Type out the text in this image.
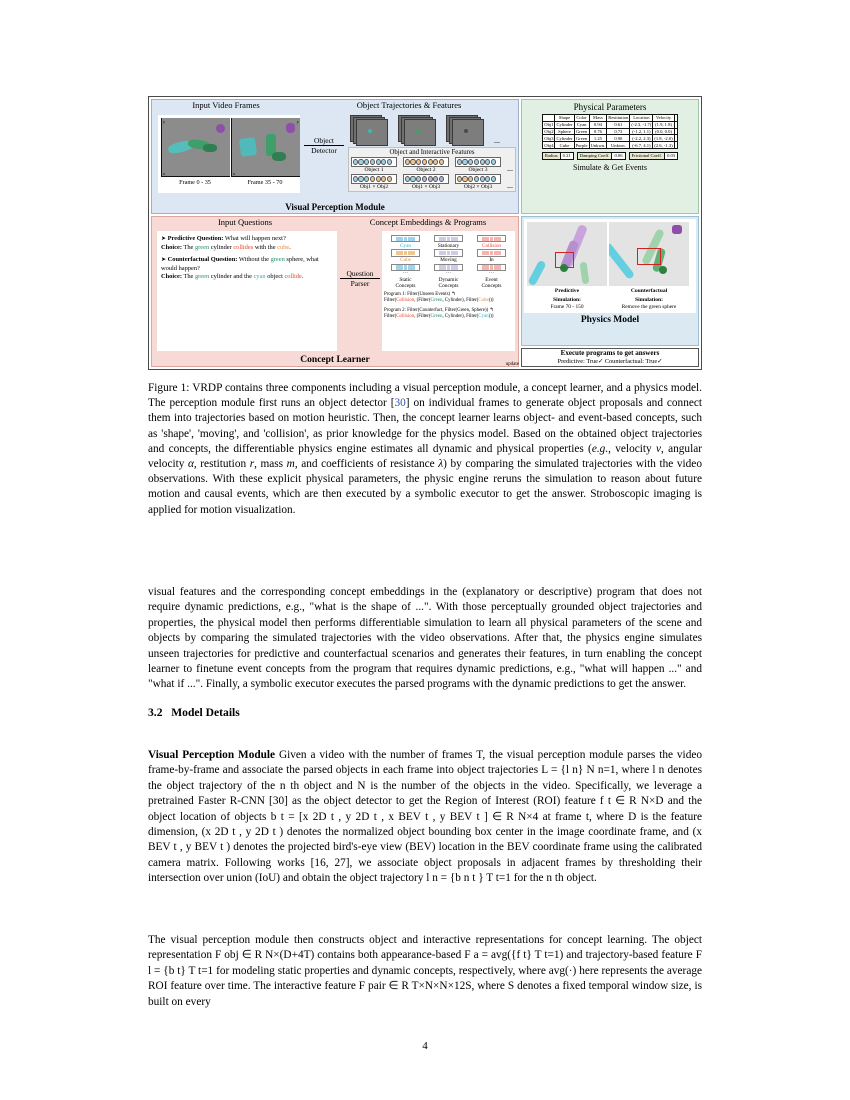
Input Video Frames	Object Trajectories & Features
y
x
Frame 0 - 35
y
x
Frame 35 - 70
Object
Detector
...
Object and Interactive Features
Object 1	Object 2	Object 3	...
Obj1 × Obj2	Obj1 × Obj3	Obj2 × Obj3	...
Visual Perception Module
Physical Parameters
	Shape	Color	Mass	Restitution	Location	Velocity	
Obj1	Cylinder	Cyan	0.94	0.61	(-2.3, -1.7)	(1.9, 1.8)	
Obj2	Sphere	Green	0.76	0.73	(-1.2, 1.1)	(0.0, 0.0)	
Obj3	Cylinder	Green	1.25	0.90	(-2.2, 2.3)	(1.8, -2.0)	
Obj4	Cube	Purple	Unkwn.	Unkwn.	(-6.7, 4.1)	(2.6, -1.3)	
Radius	0.21	Damping Coeff.	0.06	Frictional Coeff.	0.03
Simulate & Get Events
Input Questions	Concept Embeddings & Programs
➤ Predictive Question: What will happen next?
Choice: The green cylinder collides with the cube.
➤ Counterfactual Question: Without the green sphere, what would happen?
Choice: The green cylinder and the cyan object collide.	Question
Parser
Cyan
Cube
···
Static
Concepts
Stationary
Moving
···
Dynamic
Concepts
Collision
In
···
Event
Concepts
Program 1: Filter(Unseen Events) ↰
Filter(Collision, (Filter(Green, Cylinder), Filter(Cube)))
Program 2: Filter(Counterfact, Filter(Green, Sphere)) ↰
Filter(Collision, (Filter(Green, Cylinder), Filter(Cyan)))
Concept Learner
Predictive
Simulation:
Frame 70 - 150
Counterfactual
Simulation:
Remove the green sphere
Physics Model
Execute programs to get answers
Predictive: True✓ Counterfactual: True✓
update
Figure 1: VRDP contains three components including a visual perception module, a concept learner, and a physics model. The perception module first runs an object detector [30] on individual frames to generate object proposals and connect them into trajectories based on motion heuristic. Then, the concept learner learns object- and event-based concepts, such as 'shape', 'moving', and 'collision', as prior knowledge for the physics model. Based on the obtained object trajectories and concepts, the differentiable physics engine estimates all dynamic and physical properties (e.g., velocity v, angular velocity α, restitution r, mass m, and coefficients of resistance λ) by comparing the simulated trajectories with the video observations. With these explicit physical parameters, the physic engine reruns the simulation to reason about future motion and causal events, which are then executed by a symbolic executor to get the answer. Stroboscopic imaging is applied for motion visualization.
visual features and the corresponding concept embeddings in the (explanatory or descriptive) program that does not require dynamic predictions, e.g., "what is the shape of ...". With those perceptually grounded object trajectories and properties, the physical model then performs differentiable simulation to learn all physical parameters of the scene and objects by comparing the simulated trajectories with the video observations. After that, the physics engine simulates unseen trajectories for predictive and counterfactual scenarios and generates their features, in turn enabling the concept learner to finetune event concepts from the program that requires dynamic predictions, e.g., "what will happen ..." and "what if ...". Finally, a symbolic executor executes the parsed programs with the dynamic predictions to get the answer.
3.2 Model Details
Visual Perception Module Given a video with the number of frames T, the visual perception module parses the video frame-by-frame and associate the parsed objects in each frame into object trajectories L = {l n} N n=1, where l n denotes the object trajectory of the n th object and N is the number of the objects in the video. Specifically, we leverage a pretrained Faster R-CNN [30] as the object detector to get the Region of Interest (ROI) feature f t ∈ R N×D and the object location of objects b t = [x 2D t , y 2D t , x BEV t , y BEV t ] ∈ R N×4 at frame t, where D is the feature dimension, (x 2D t , y 2D t ) denotes the normalized object bounding box center in the image coordinate frame, and (x BEV t , y BEV t ) denotes the projected bird's-eye view (BEV) location in the BEV coordinate frame using the calibrated camera matrix. Following works [16, 27], we associate object proposals in adjacent frames by thresholding their intersection over union (IoU) and obtain the object trajectory l n = {b n t } T t=1 for the n th object.
The visual perception module then constructs object and interactive representations for concept learning. The object representation F obj ∈ R N×(D+4T) contains both appearance-based F a = avg({f t} T t=1) and trajectory-based feature F l = {b t} T t=1 for modeling static properties and dynamic concepts, respectively, where avg(·) here represents the average ROI feature over time. The interactive feature F pair ∈ R T×N×N×12S, where S denotes a fixed temporal window size, is built on every
4
